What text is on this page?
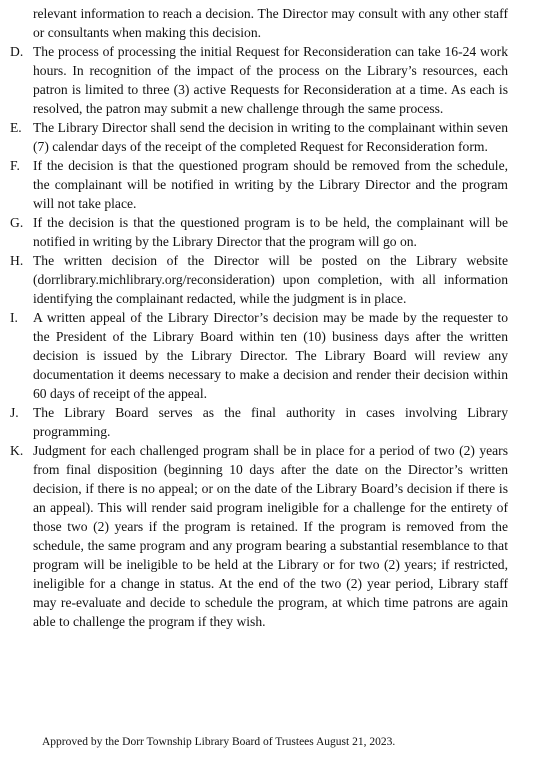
relevant information to reach a decision. The Director may consult with any other staff or consultants when making this decision.
D. The process of processing the initial Request for Reconsideration can take 16-24 work hours. In recognition of the impact of the process on the Library’s resources, each patron is limited to three (3) active Requests for Reconsideration at a time. As each is resolved, the patron may submit a new challenge through the same process.
E. The Library Director shall send the decision in writing to the complainant within seven (7) calendar days of the receipt of the completed Request for Reconsideration form.
F. If the decision is that the questioned program should be removed from the schedule, the complainant will be notified in writing by the Library Director and the program will not take place.
G. If the decision is that the questioned program is to be held, the complainant will be notified in writing by the Library Director that the program will go on.
H. The written decision of the Director will be posted on the Library website (dorrlibrary.michlibrary.org/reconsideration) upon completion, with all information identifying the complainant redacted, while the judgment is in place.
I.	A written appeal of the Library Director’s decision may be made by the requester to the President of the Library Board within ten (10) business days after the written decision is issued by the Library Director. The Library Board will review any documentation it deems necessary to make a decision and render their decision within 60 days of receipt of the appeal.
J.	The Library Board serves as the final authority in cases involving Library programming.
K. Judgment for each challenged program shall be in place for a period of two (2) years from final disposition (beginning 10 days after the date on the Director’s written decision, if there is no appeal; or on the date of the Library Board’s decision if there is an appeal). This will render said program ineligible for a challenge for the entirety of those two (2) years if the program is retained. If the program is removed from the schedule, the same program and any program bearing a substantial resemblance to that program will be ineligible to be held at the Library or for two (2) years; if restricted, ineligible for a change in status. At the end of the two (2) year period, Library staff may re-evaluate and decide to schedule the program, at which time patrons are again able to challenge the program if they wish.
Approved by the Dorr Township Library Board of Trustees August 21, 2023.
